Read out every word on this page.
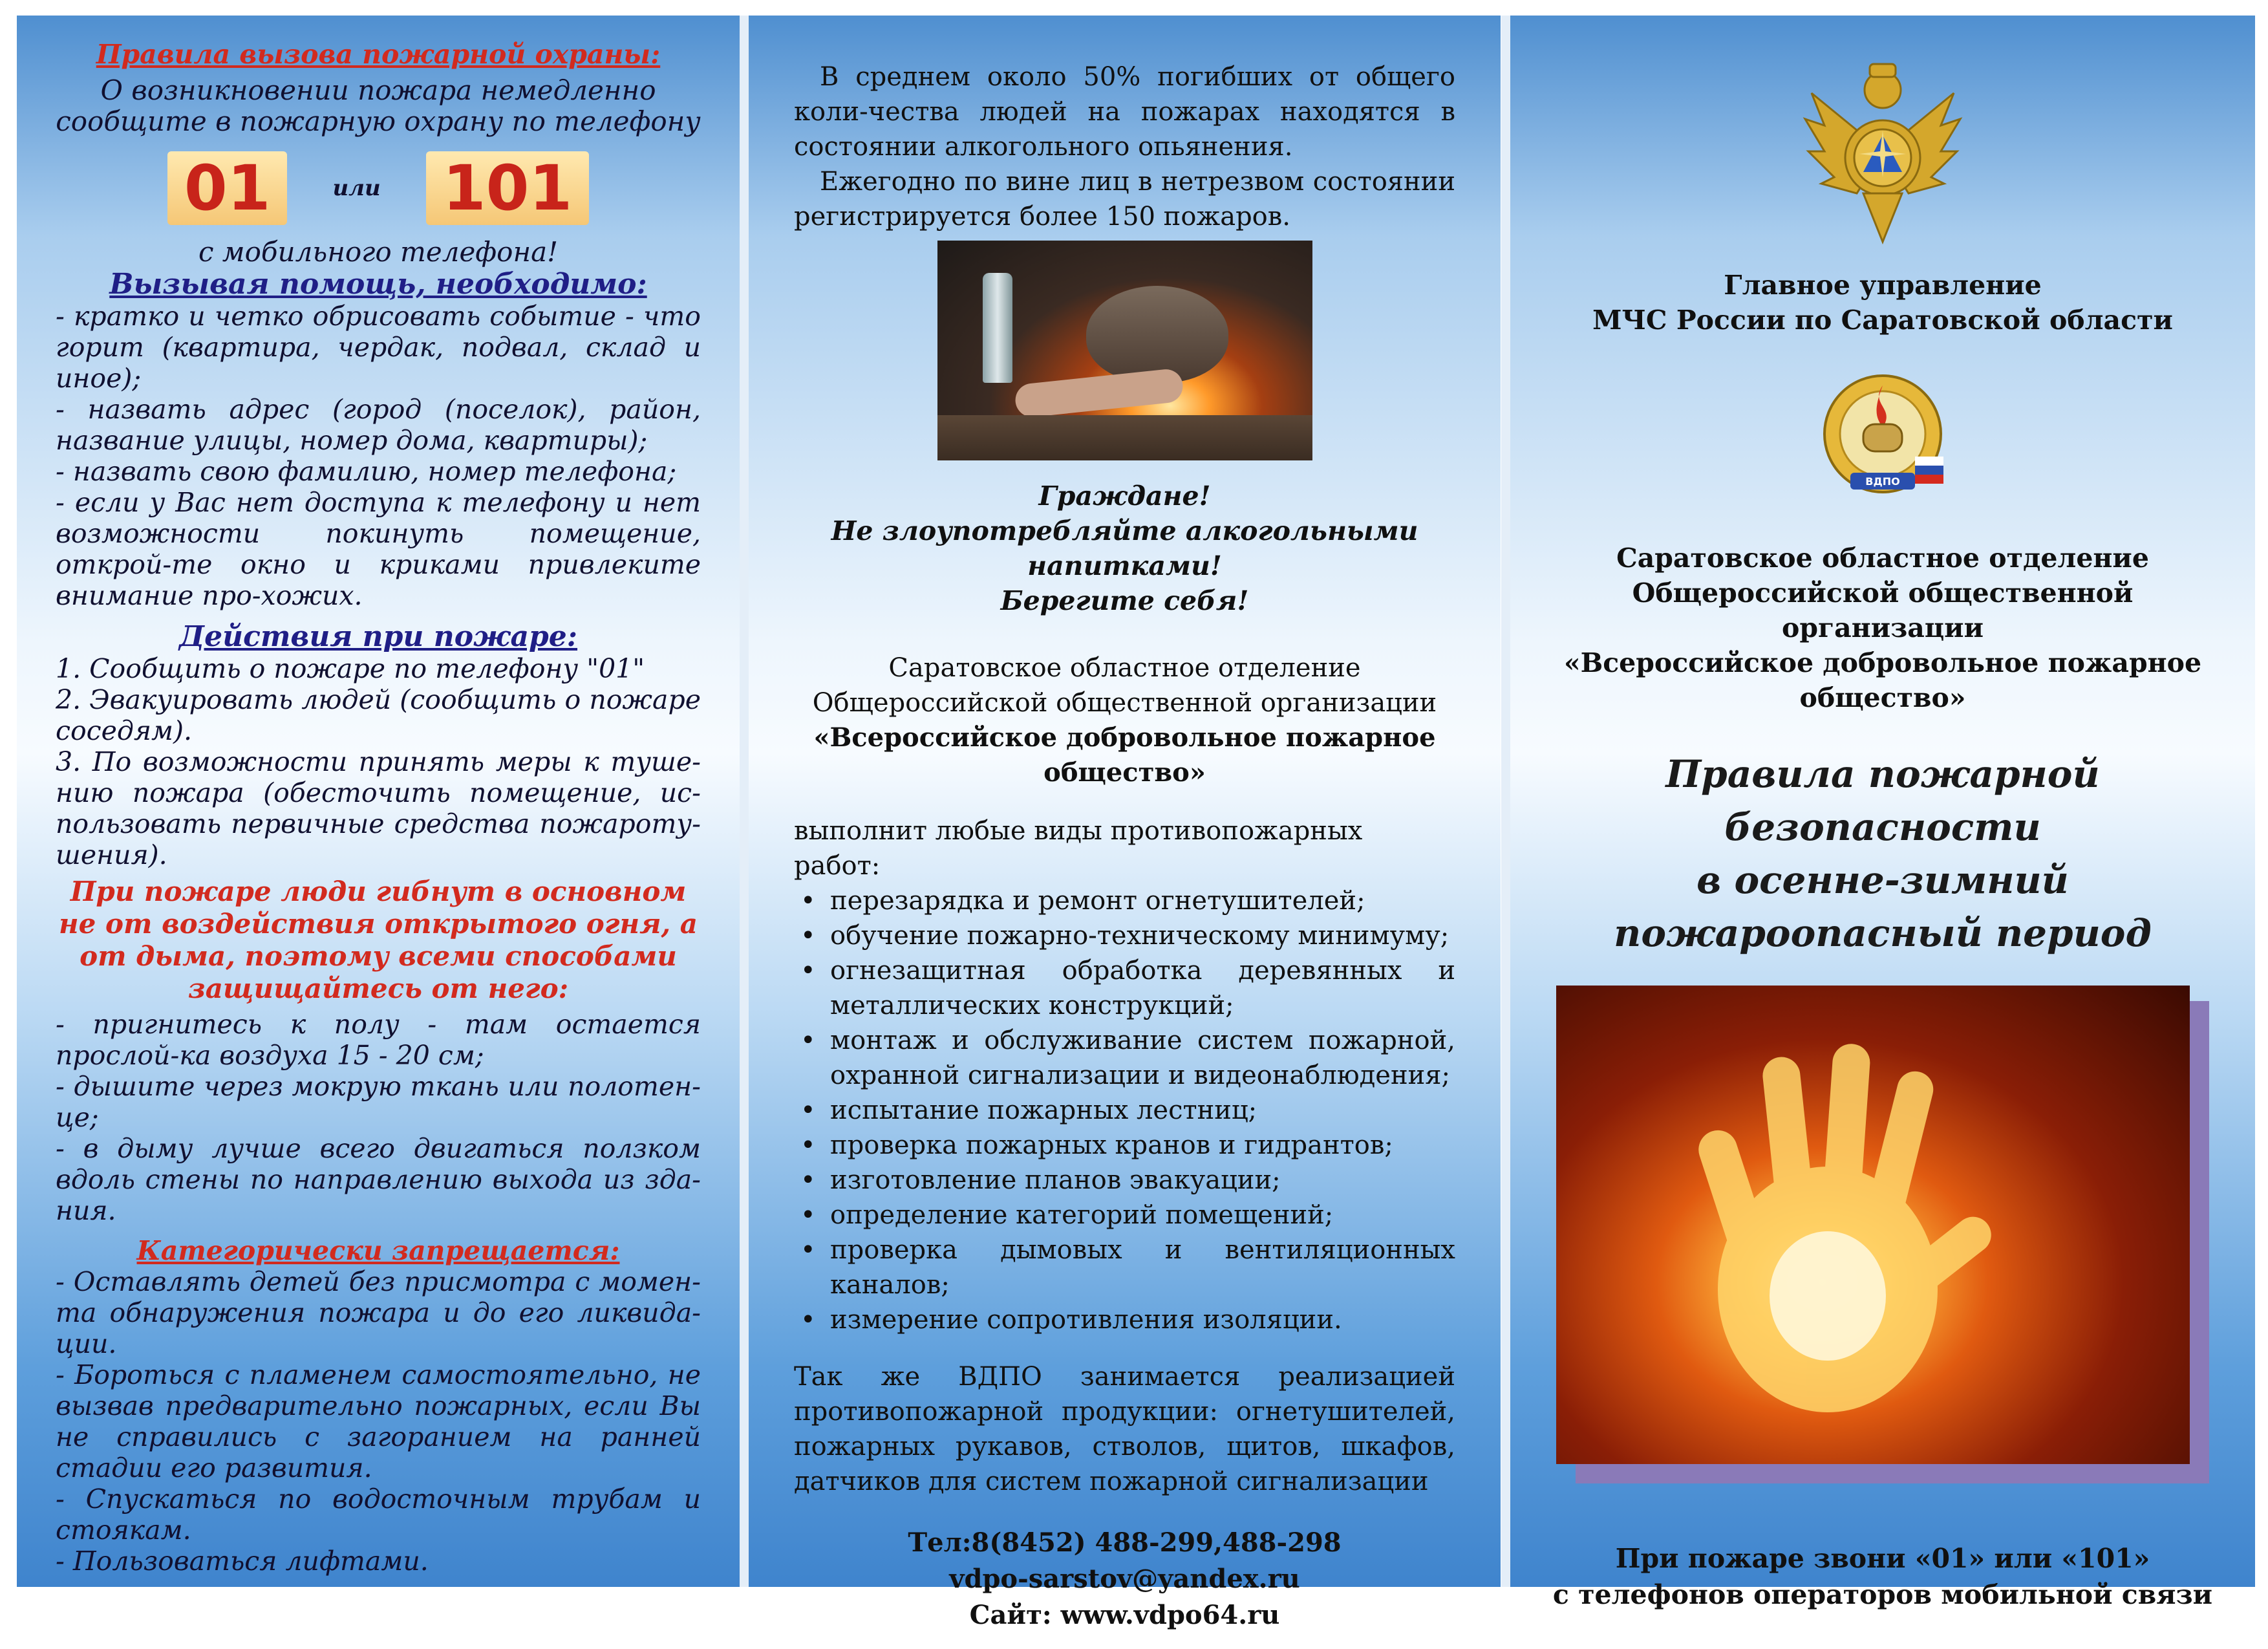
Правила вызова пожарной охраны:

О возникновении пожара немедленно сообщите в пожарную охрану по телефону

01	или 101

с мобильного телефона!

Вызывая помощь, необходимо:

- кратко и четко обрисовать событие - что горит (квартира, чердак, подвал, склад и иное);

- назвать адрес (город (поселок), район, название улицы, номер дома, квартиры);

- назвать свою фамилию, номер телефона;

- если у Вас нет доступа к телефону и нет возможности покинуть помещение, открой-те окно и криками привлеките внимание про-хожих.

Действия при пожаре:

1. Сообщить о пожаре по телефону "01"

2. Эвакуировать людей (сообщить о пожаре соседям).

3. По возможности принять меры к туше-нию пожара (обесточить помещение, ис-пользовать первичные средства пожароту-шения).

При пожаре люди гибнут в основном не от воздействия открытого огня, а от дыма, поэтому всеми способами защищайтесь от него:

- пригнитесь к полу - там остается прослой-ка воздуха 15 - 20 см;

- дышите через мокрую ткань или полотен-це;

- в дыму лучше всего двигаться ползком вдоль стены по направлению выхода из зда-ния.

Категорически запрещается:

- Оставлять детей без присмотра с момен-та обнаружения пожара и до его ликвида-ции.

- Бороться с пламенем самостоятельно, не вызвав предварительно пожарных, если Вы не справились с загоранием на ранней стадии его развития.

- Спускаться по водосточным трубам и стоякам.

- Пользоваться лифтами.

В среднем около 50% погибших от общего коли-чества людей на пожарах находятся в состоянии алкогольного опьянения.

Ежегодно по вине лиц в нетрезвом состоянии регистрируется более 150 пожаров.

Граждане!

Не злоупотребляйте алкогольными напитками!

Берегите себя!

Саратовское областное отделение
Общероссийской общественной организации
«Всероссийское добровольное пожарное общество»

выполнит любые виды противопожарных работ:

• перезарядка и ремонт огнетушителей;
• обучение пожарно-техническому минимуму;
• огнезащитная обработка деревянных и металлических конструкций;
• монтаж и обслуживание систем пожарной, охранной сигнализации и видеонаблюдения;
• испытание пожарных лестниц;
• проверка пожарных кранов и гидрантов;
• изготовление планов эвакуации;
• определение категорий помещений;
• проверка дымовых и вентиляционных каналов;
• измерение сопротивления изоляции.

Так же ВДПО занимается реализацией противопожарной продукции: огнетушителей, пожарных рукавов, стволов, щитов, шкафов, датчиков для систем пожарной сигнализации

Тел:8(8452) 488-299,488-298
vdpo-sarstov@yandex.ru
Сайт: www.vdpo64.ru
Главное управление
МЧС России по Саратовской области
ВДПО
Саратовское областное отделение
Общероссийской общественной организации
«Всероссийское добровольное пожарное общество»
Правила пожарной безопасности
в осенне-зимний
пожароопасный период
При пожаре звони «01» или «101»
с телефонов операторов мобильной связи
